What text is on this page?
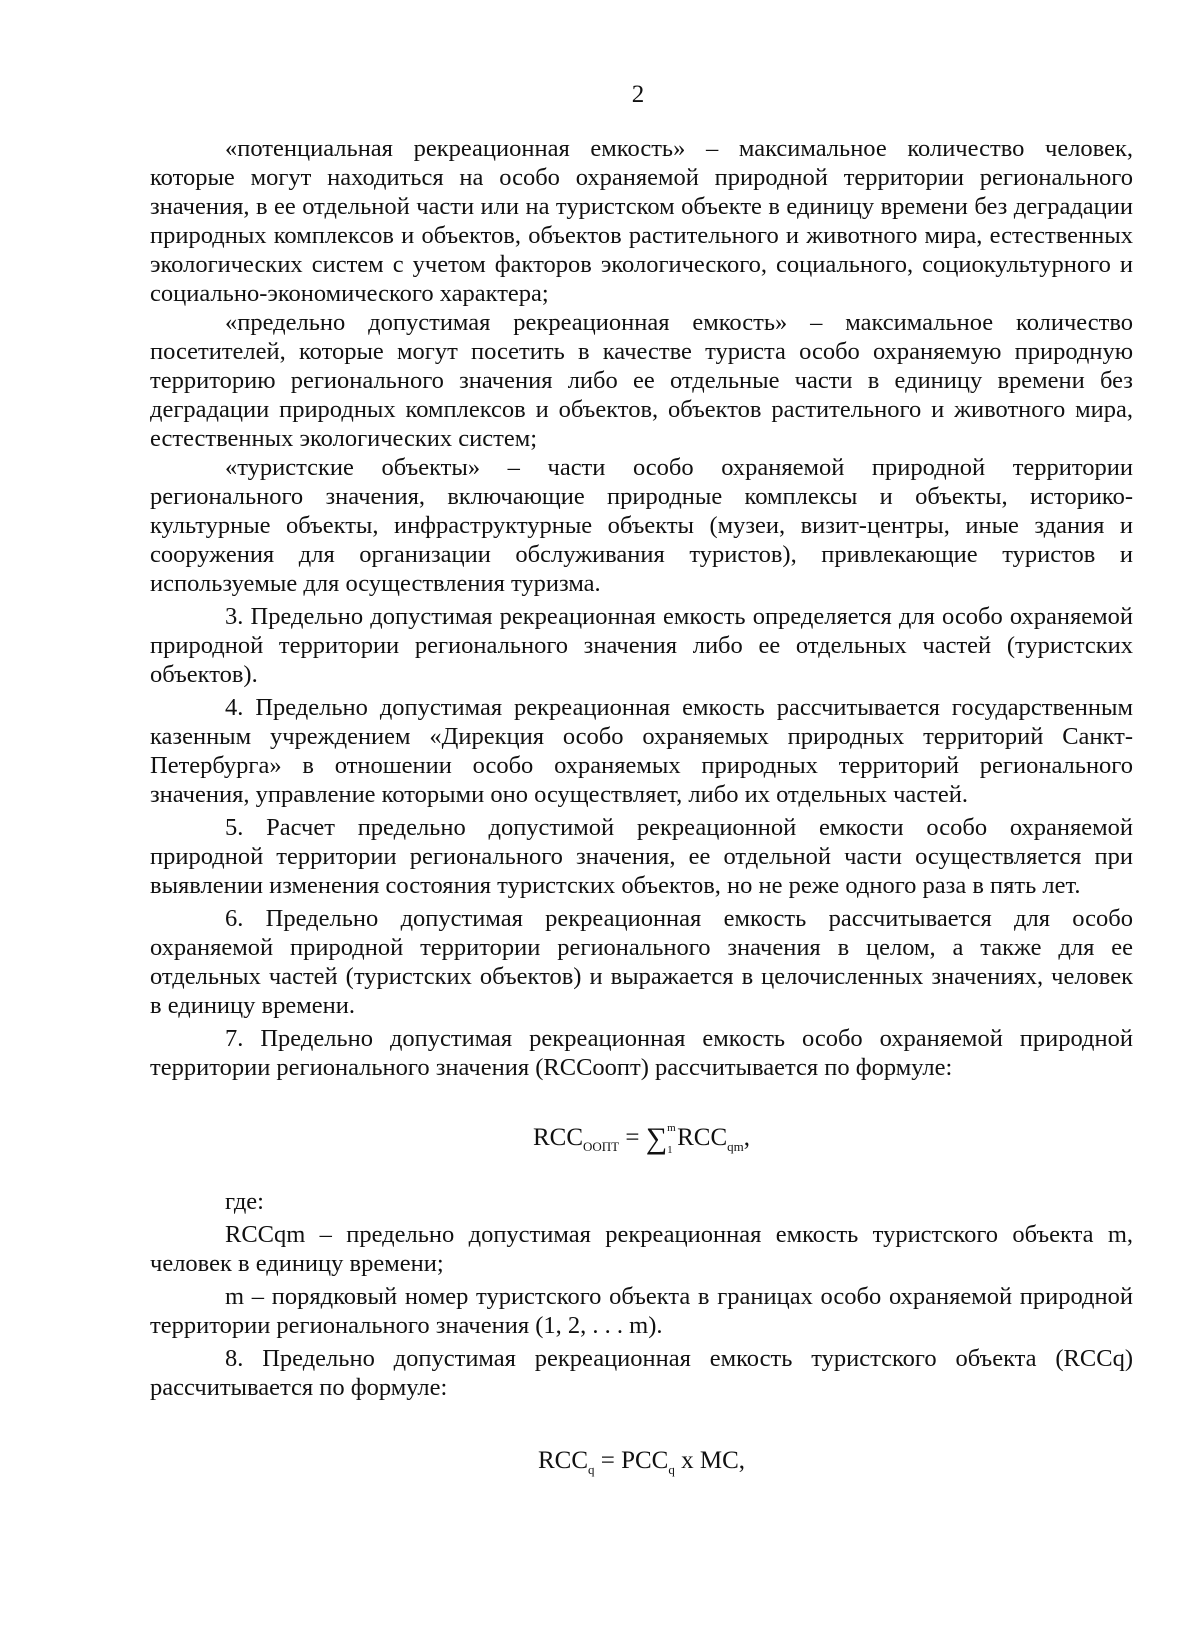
2

«потенциальная рекреационная емкость» – максимальное количество человек, которые могут находиться на особо охраняемой природной территории регионального значения, в ее отдельной части или на туристском объекте в единицу времени без деградации природных комплексов и объектов, объектов растительного и животного мира, естественных экологических систем с учетом факторов экологического, социального, социокультурного и социально-экономического характера;

«предельно допустимая рекреационная емкость» – максимальное количество посетителей, которые могут посетить в качестве туриста особо охраняемую природную территорию регионального значения либо ее отдельные части в единицу времени без деградации природных комплексов и объектов, объектов растительного и животного мира, естественных экологических систем;

«туристские объекты» – части особо охраняемой природной территории регионального значения, включающие природные комплексы и объекты, историко-культурные объекты, инфраструктурные объекты (музеи, визит-центры, иные здания и сооружения для организации обслуживания туристов), привлекающие туристов и используемые для осуществления туризма.

3. Предельно допустимая рекреационная емкость определяется для особо охраняемой природной территории регионального значения либо ее отдельных частей (туристских объектов).

4. Предельно допустимая рекреационная емкость рассчитывается государственным казенным учреждением «Дирекция особо охраняемых природных территорий Санкт-Петербурга» в отношении особо охраняемых природных территорий регионального значения, управление которыми оно осуществляет, либо их отдельных частей.

5. Расчет предельно допустимой рекреационной емкости особо охраняемой природной территории регионального значения, ее отдельной части осуществляется при выявлении изменения состояния туристских объектов, но не реже одного раза в пять лет.

6. Предельно допустимая рекреационная емкость рассчитывается для особо охраняемой природной территории регионального значения в целом, а также для ее отдельных частей (туристских объектов) и выражается в целочисленных значениях, человек в единицу времени.

7. Предельно допустимая рекреационная емкость особо охраняемой природной территории регионального значения (RCCоопт) рассчитывается по формуле:

$RCC_{ООПТ}$ = ∑ m
1 $RCC_{qm}$,

где:

RCCqm – предельно допустимая рекреационная емкость туристского объекта m, человек в единицу времени;

m – порядковый номер туристского объекта в границах особо охраняемой природной территории регионального значения (1, 2, . . . m).

8. Предельно допустимая рекреационная емкость туристского объекта (RCCq) рассчитывается по формуле:

$RCC_q = PCC_q$ x MC,
